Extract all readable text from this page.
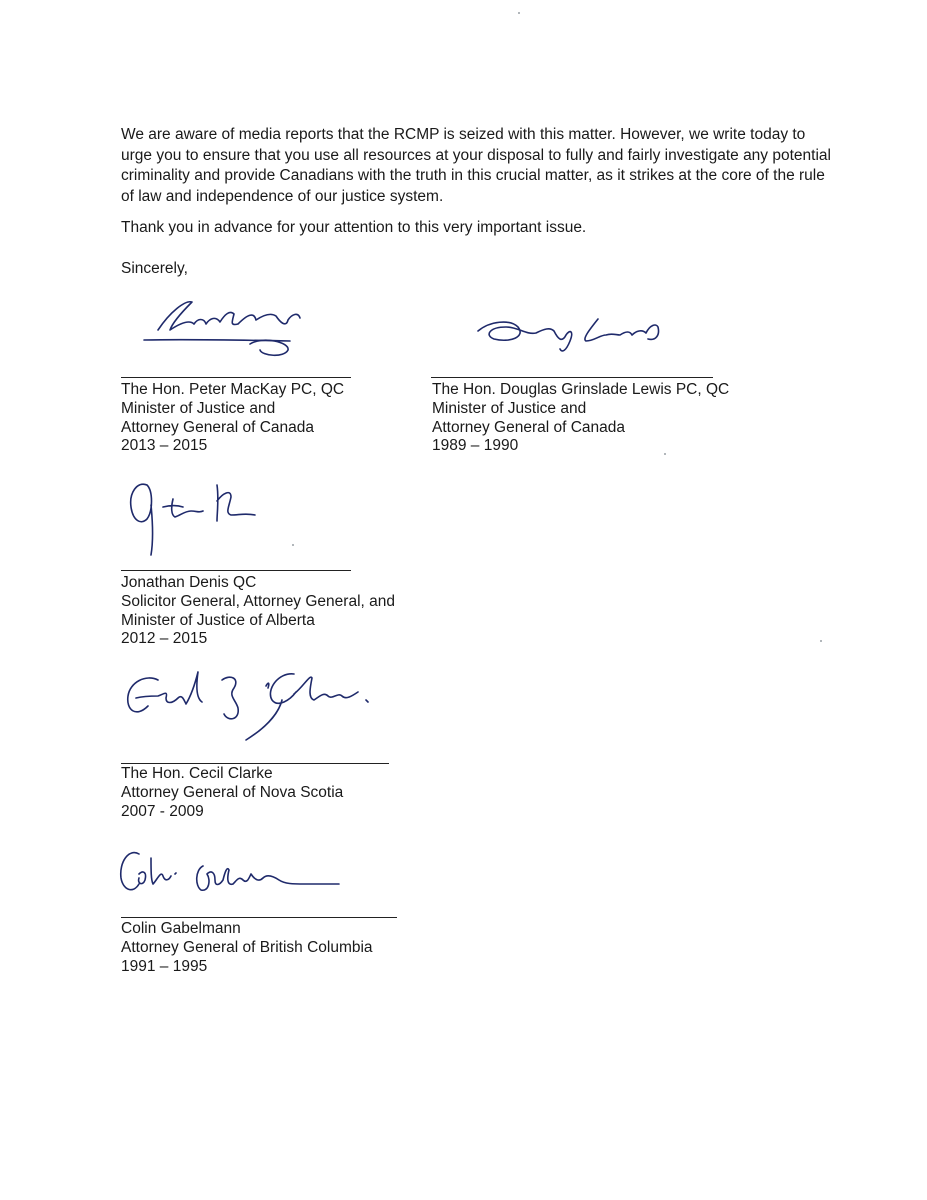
We are aware of media reports that the RCMP is seized with this matter. However, we write today to urge you to ensure that you use all resources at your disposal to fully and fairly investigate any potential criminality and provide Canadians with the truth in this crucial matter, as it strikes at the core of the rule of law and independence of our justice system.

Thank you in advance for your attention to this very important issue.

Sincerely,

The Hon. Peter MacKay PC, QC
Minister of Justice and
Attorney General of Canada
2013 – 2015
The Hon. Douglas Grinslade Lewis PC, QC
Minister of Justice and
Attorney General of Canada
1989 – 1990
Jonathan Denis QC
Solicitor General, Attorney General, and
Minister of Justice of Alberta
2012 – 2015
The Hon. Cecil Clarke
Attorney General of Nova Scotia
2007 - 2009
Colin Gabelmann
Attorney General of British Columbia
1991 – 1995
